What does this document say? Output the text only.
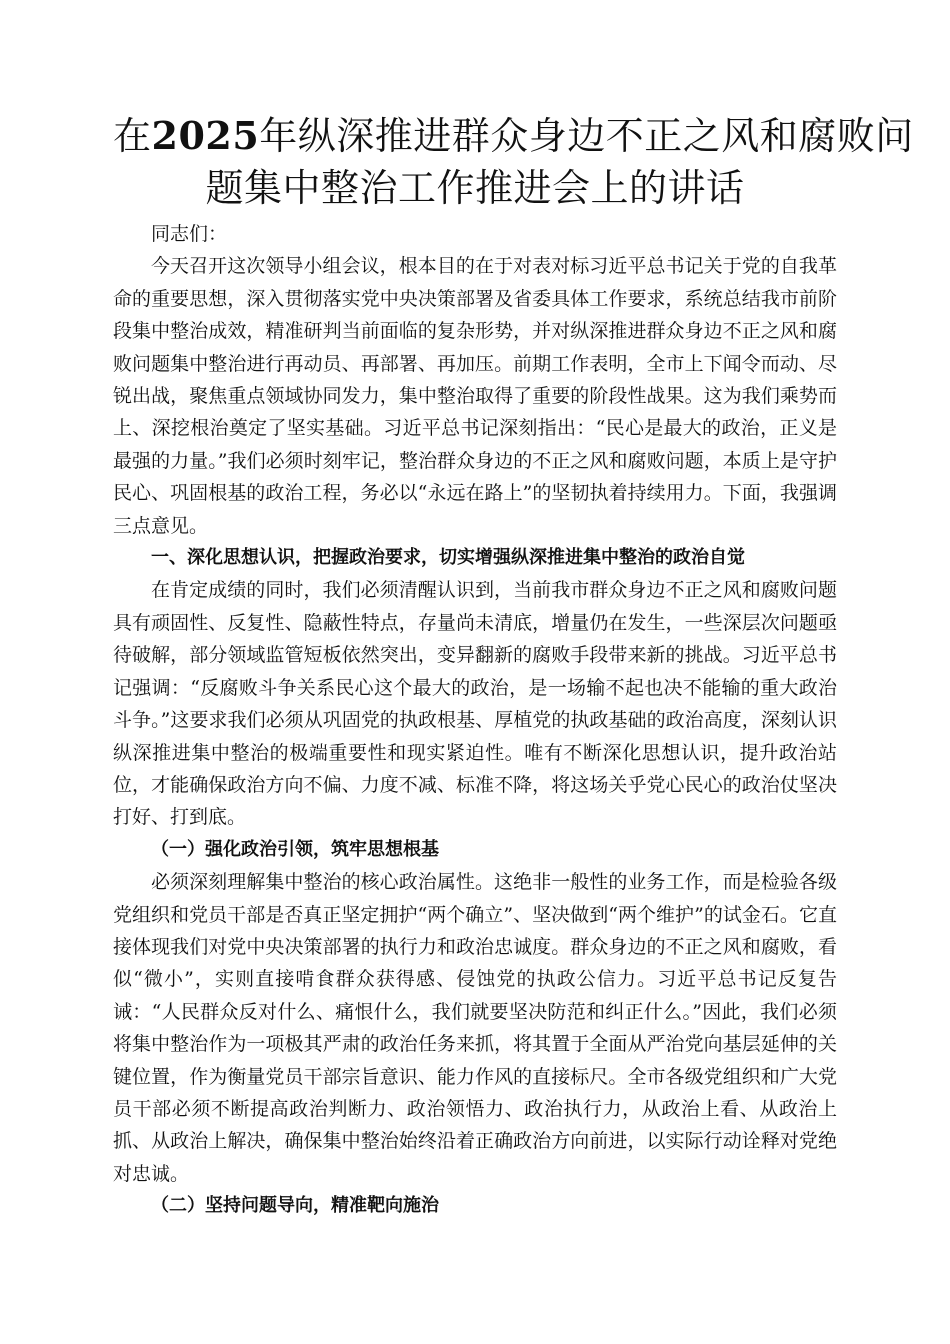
在2025年纵深推进群众身边不正之风和腐败问
题集中整治工作推进会上的讲话

同志们：

今天召开这次领导小组会议，根本目的在于对表对标习近平总书记关于党的自我革命的重要思想，深入贯彻落实党中央决策部署及省委具体工作要求，系统总结我市前阶段集中整治成效，精准研判当前面临的复杂形势，并对纵深推进群众身边不正之风和腐败问题集中整治进行再动员、再部署、再加压。前期工作表明，全市上下闻令而动、尽锐出战，聚焦重点领域协同发力，集中整治取得了重要的阶段性战果。这为我们乘势而上、深挖根治奠定了坚实基础。习近平总书记深刻指出：“民心是最大的政治，正义是最强的力量。”我们必须时刻牢记，整治群众身边的不正之风和腐败问题，本质上是守护民心、巩固根基的政治工程，务必以“永远在路上”的坚韧执着持续用力。下面，我强调三点意见。

一、深化思想认识，把握政治要求，切实增强纵深推进集中整治的政治自觉

在肯定成绩的同时，我们必须清醒认识到，当前我市群众身边不正之风和腐败问题具有顽固性、反复性、隐蔽性特点，存量尚未清底，增量仍在发生，一些深层次问题亟待破解，部分领域监管短板依然突出，变异翻新的腐败手段带来新的挑战。习近平总书记强调：“反腐败斗争关系民心这个最大的政治，是一场输不起也决不能输的重大政治斗争。”这要求我们必须从巩固党的执政根基、厚植党的执政基础的政治高度，深刻认识纵深推进集中整治的极端重要性和现实紧迫性。唯有不断深化思想认识，提升政治站位，才能确保政治方向不偏、力度不减、标准不降，将这场关乎党心民心的政治仗坚决打好、打到底。

（一）强化政治引领，筑牢思想根基

必须深刻理解集中整治的核心政治属性。这绝非一般性的业务工作，而是检验各级党组织和党员干部是否真正坚定拥护“两个确立”、坚决做到“两个维护”的试金石。它直接体现我们对党中央决策部署的执行力和政治忠诚度。群众身边的不正之风和腐败，看似“微小”，实则直接啃食群众获得感、侵蚀党的执政公信力。习近平总书记反复告诫：“人民群众反对什么、痛恨什么，我们就要坚决防范和纠正什么。”因此，我们必须将集中整治作为一项极其严肃的政治任务来抓，将其置于全面从严治党向基层延伸的关键位置，作为衡量党员干部宗旨意识、能力作风的直接标尺。全市各级党组织和广大党员干部必须不断提高政治判断力、政治领悟力、政治执行力，从政治上看、从政治上抓、从政治上解决，确保集中整治始终沿着正确政治方向前进，以实际行动诠释对党绝对忠诚。

（二）坚持问题导向，精准靶向施治
